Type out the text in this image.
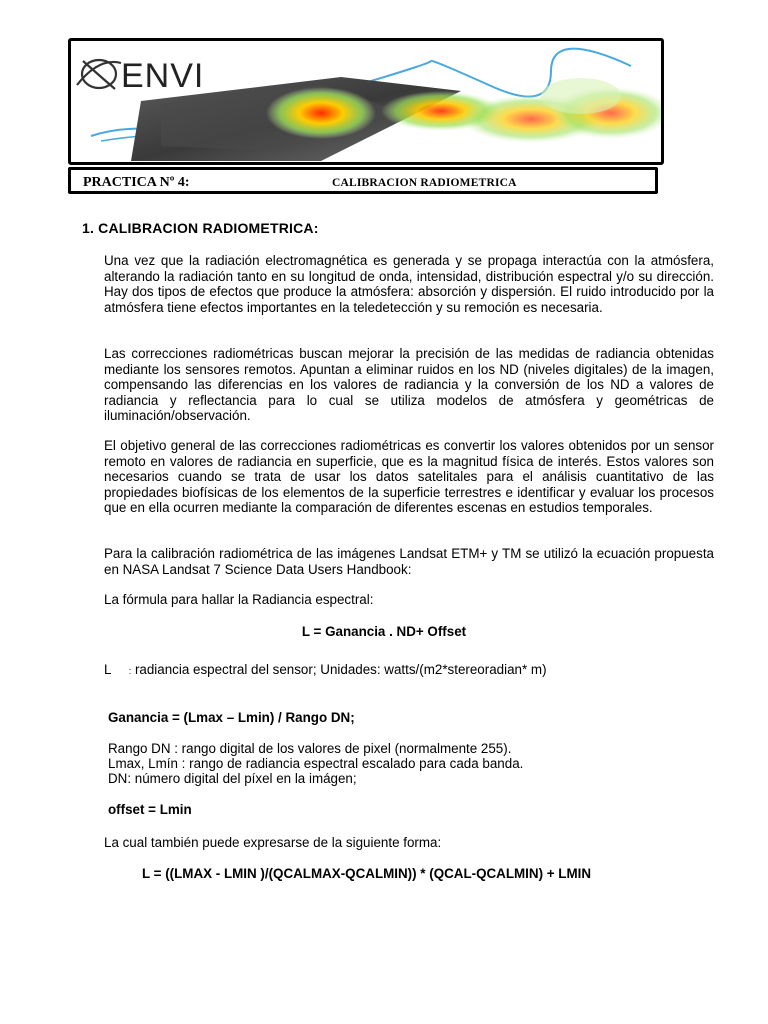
ENVI
PRACTICA Nº 4:	CALIBRACION RADIOMETRICA
1. CALIBRACION RADIOMETRICA:
Una vez que la radiación electromagnética es generada y se propaga interactúa con la atmósfera, alterando la radiación tanto en su longitud de onda, intensidad, distribución espectral y/o su dirección. Hay dos tipos de efectos que produce la atmósfera: absorción y dispersión. El ruido introducido por la atmósfera tiene efectos importantes en la teledetección y su remoción es necesaria.
Las correcciones radiométricas buscan mejorar la precisión de las medidas de radiancia obtenidas mediante los sensores remotos. Apuntan a eliminar ruidos en los ND (niveles digitales) de la imagen, compensando las diferencias en los valores de radiancia y la conversión de los ND a valores de radiancia y reflectancia para lo cual se utiliza modelos de atmósfera y geométricas de iluminación/observación.
El objetivo general de las correcciones radiométricas es convertir los valores obtenidos por un sensor remoto en valores de radiancia en superficie, que es la magnitud física de interés. Estos valores son necesarios cuando se trata de usar los datos satelitales para el análisis cuantitativo de las propiedades biofísicas de los elementos de la superficie terrestres e identificar y evaluar los procesos que en ella ocurren mediante la comparación de diferentes escenas en estudios temporales.
Para la calibración radiométrica de las imágenes Landsat ETM+ y TM se utilizó la ecuación propuesta en NASA Landsat 7 Science Data Users Handbook:
La fórmula para hallar la Radiancia espectral:
L = Ganancia . ND+ Offset
L : radiancia espectral del sensor; Unidades: watts/(m2*stereoradian* m)
Ganancia = (Lmax – Lmin) / Rango DN;
Rango DN : rango digital de los valores de pixel (normalmente 255).
Lmax, Lmín : rango de radiancia espectral escalado para cada banda.
DN: número digital del píxel en la imágen;
offset = Lmin
La cual también puede expresarse de la siguiente forma:
L = ((LMAX - LMIN )/(QCALMAX-QCALMIN)) * (QCAL-QCALMIN) + LMIN
